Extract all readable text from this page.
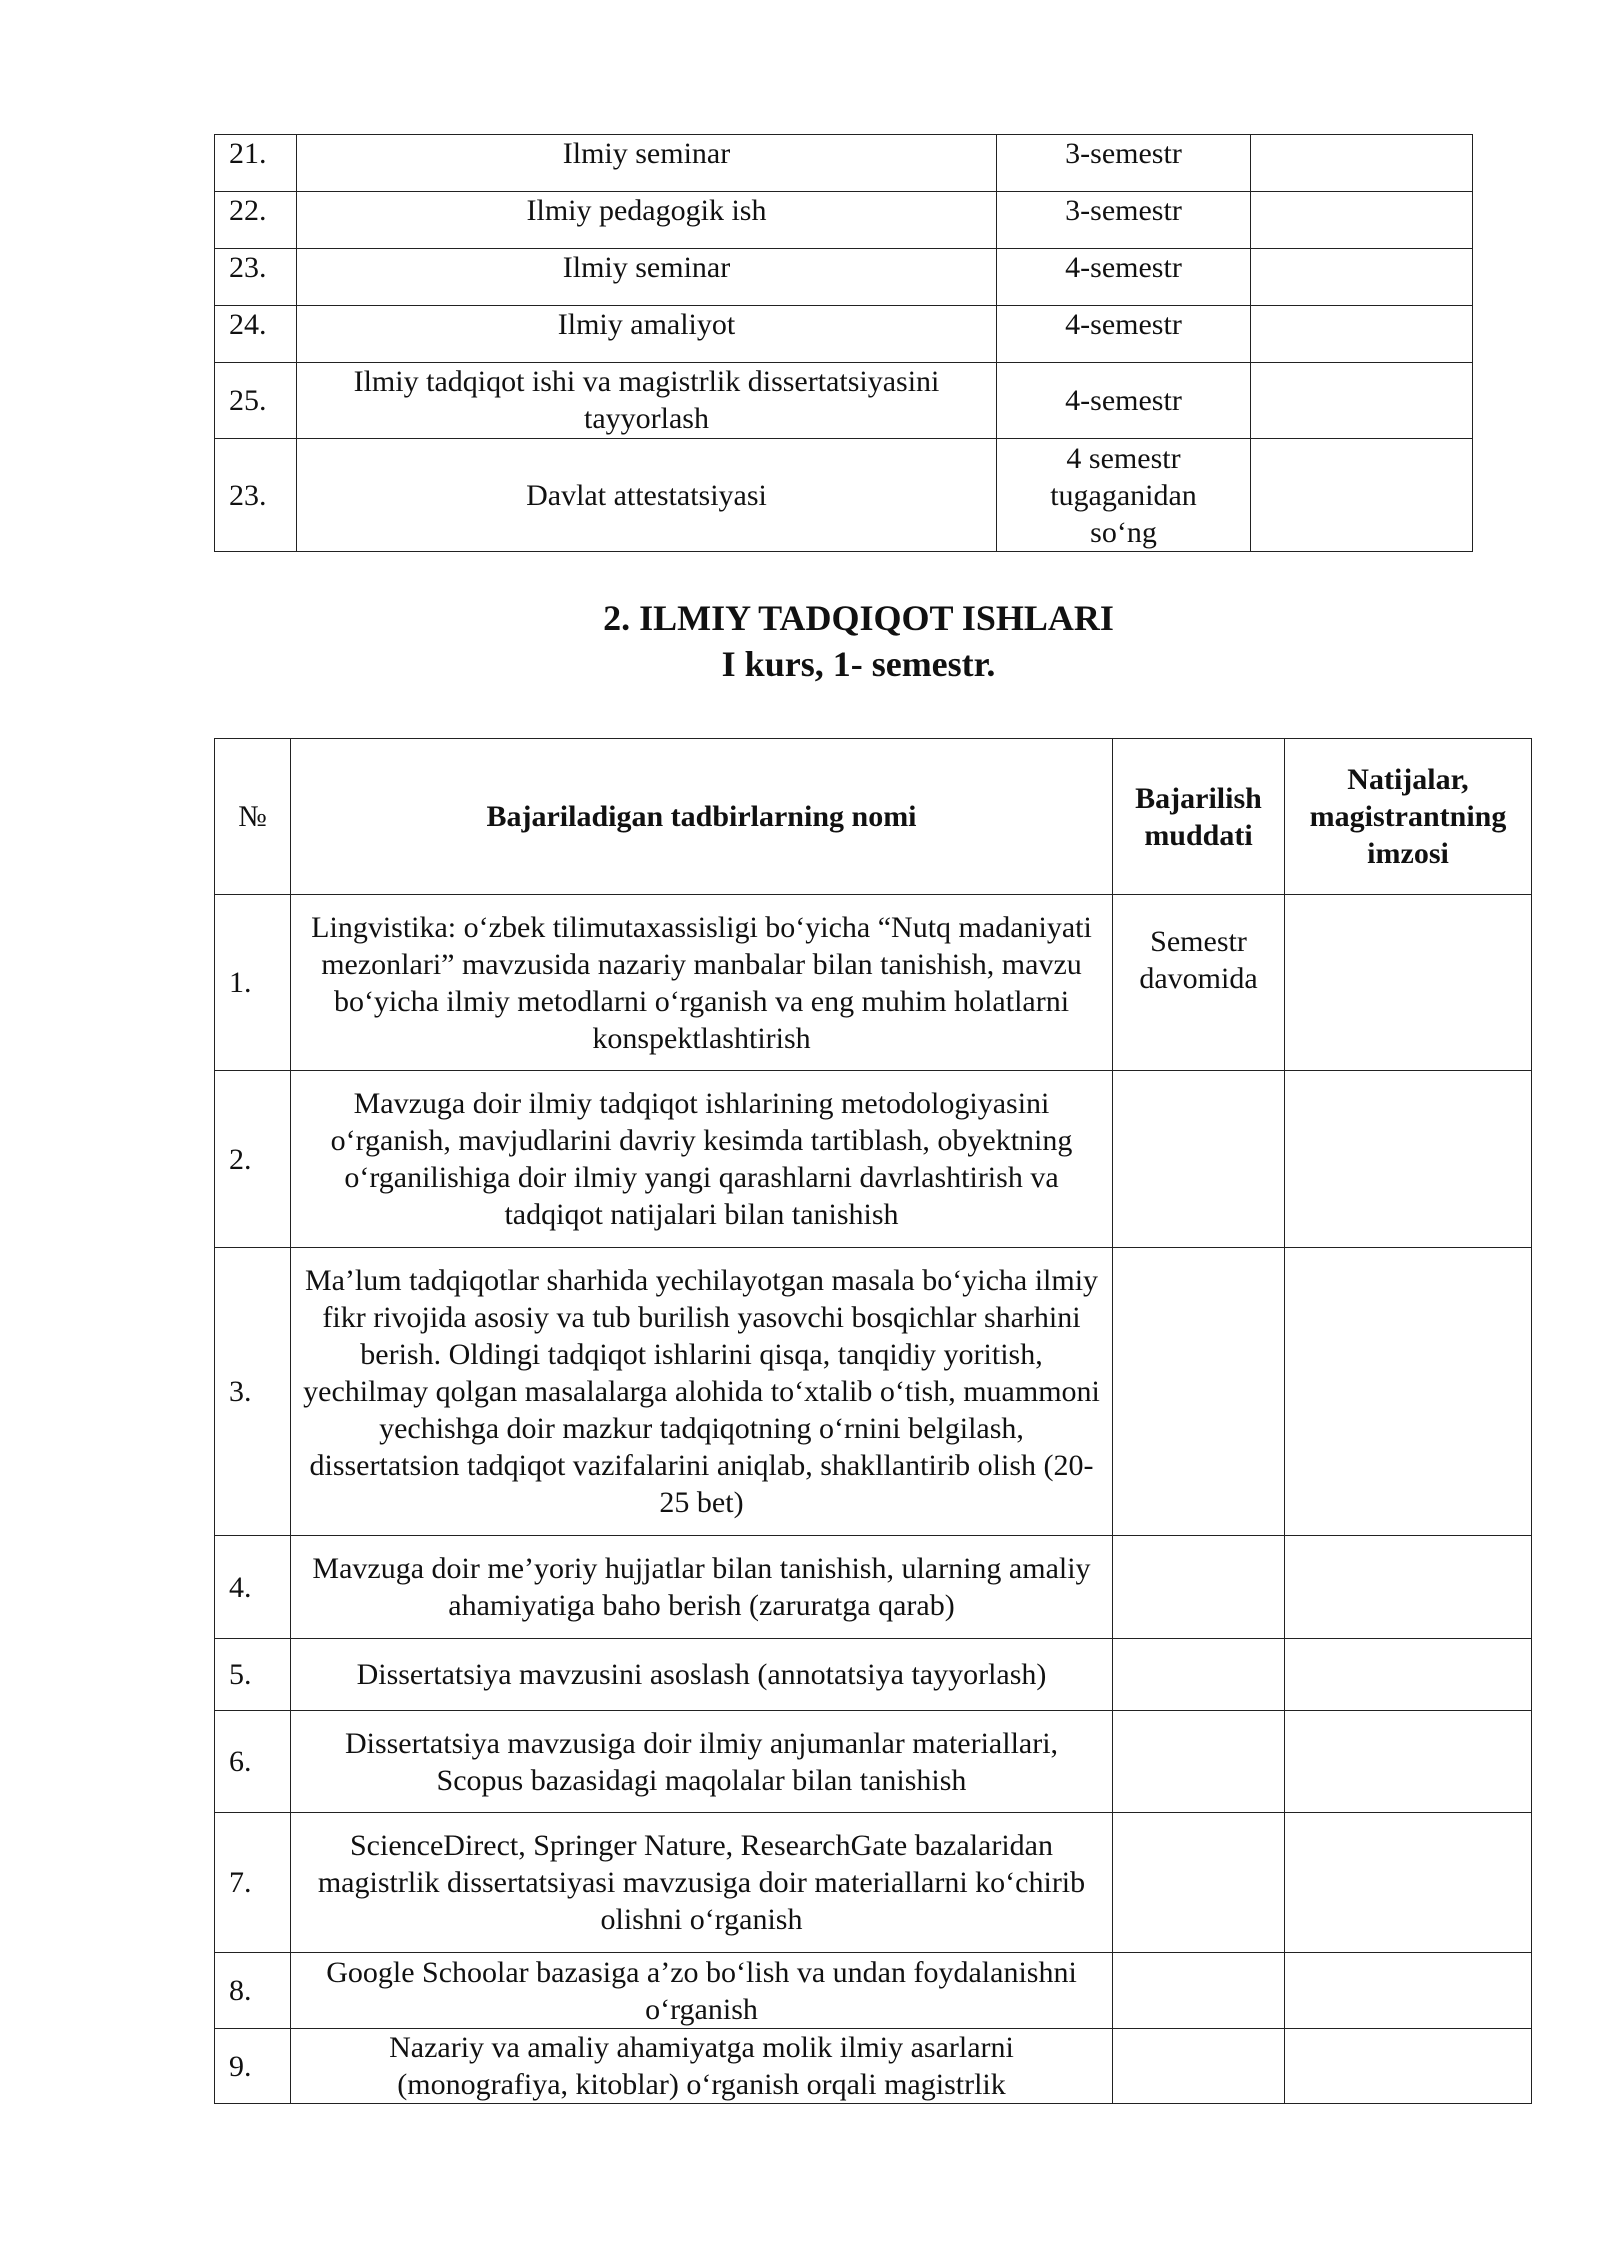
21.	Ilmiy seminar	3-semestr	
22.	Ilmiy pedagogik ish	3-semestr	
23.	Ilmiy seminar	4-semestr	
24.	Ilmiy amaliyot	4-semestr	
25.	Ilmiy tadqiqot ishi va magistrlik dissertatsiyasini tayyorlash	4-semestr	
23.	Davlat attestatsiyasi	4 semestr tugaganidan so‘ng	
2. ILMIY TADQIQOT ISHLARI
I kurs, 1- semestr.
№	Bajariladigan tadbirlarning nomi	Bajarilish muddati	Natijalar, magistrantning imzosi
1.	Lingvistika: o‘zbek tilimutaxassisligi bo‘yicha “Nutq madaniyati mezonlari” mavzusida nazariy manbalar bilan tanishish, mavzu bo‘yicha ilmiy metodlarni o‘rganish va eng muhim holatlarni konspektlashtirish	Semestr davomida	
2.	Mavzuga doir ilmiy tadqiqot ishlarining metodologiyasini o‘rganish, mavjudlarini davriy kesimda tartiblash, obyektning o‘rganilishiga doir ilmiy yangi qarashlarni davrlashtirish va tadqiqot natijalari bilan tanishish		
3.	Ma’lum tadqiqotlar sharhida yechilayotgan masala bo‘yicha ilmiy fikr rivojida asosiy va tub burilish yasovchi bosqichlar sharhini berish. Oldingi tadqiqot ishlarini qisqa, tanqidiy yoritish, yechilmay qolgan masalalarga alohida to‘xtalib o‘tish, muammoni yechishga doir mazkur tadqiqotning o‘rnini belgilash, dissertatsion tadqiqot vazifalarini aniqlab, shakllantirib olish (20-25 bet)		
4.	Mavzuga doir me’yoriy hujjatlar bilan tanishish, ularning amaliy ahamiyatiga baho berish (zaruratga qarab)		
5.	Dissertatsiya mavzusini asoslash (annotatsiya tayyorlash)		
6.	Dissertatsiya mavzusiga doir ilmiy anjumanlar materiallari, Scopus bazasidagi maqolalar bilan tanishish		
7.	ScienceDirect, Springer Nature, ResearchGate bazalaridan magistrlik dissertatsiyasi mavzusiga doir materiallarni ko‘chirib olishni o‘rganish		
8.	Google Schoolar bazasiga a’zo bo‘lish va undan foydalanishni o‘rganish		
9.	Nazariy va amaliy ahamiyatga molik ilmiy asarlarni (monografiya, kitoblar) o‘rganish orqali magistrlik		
